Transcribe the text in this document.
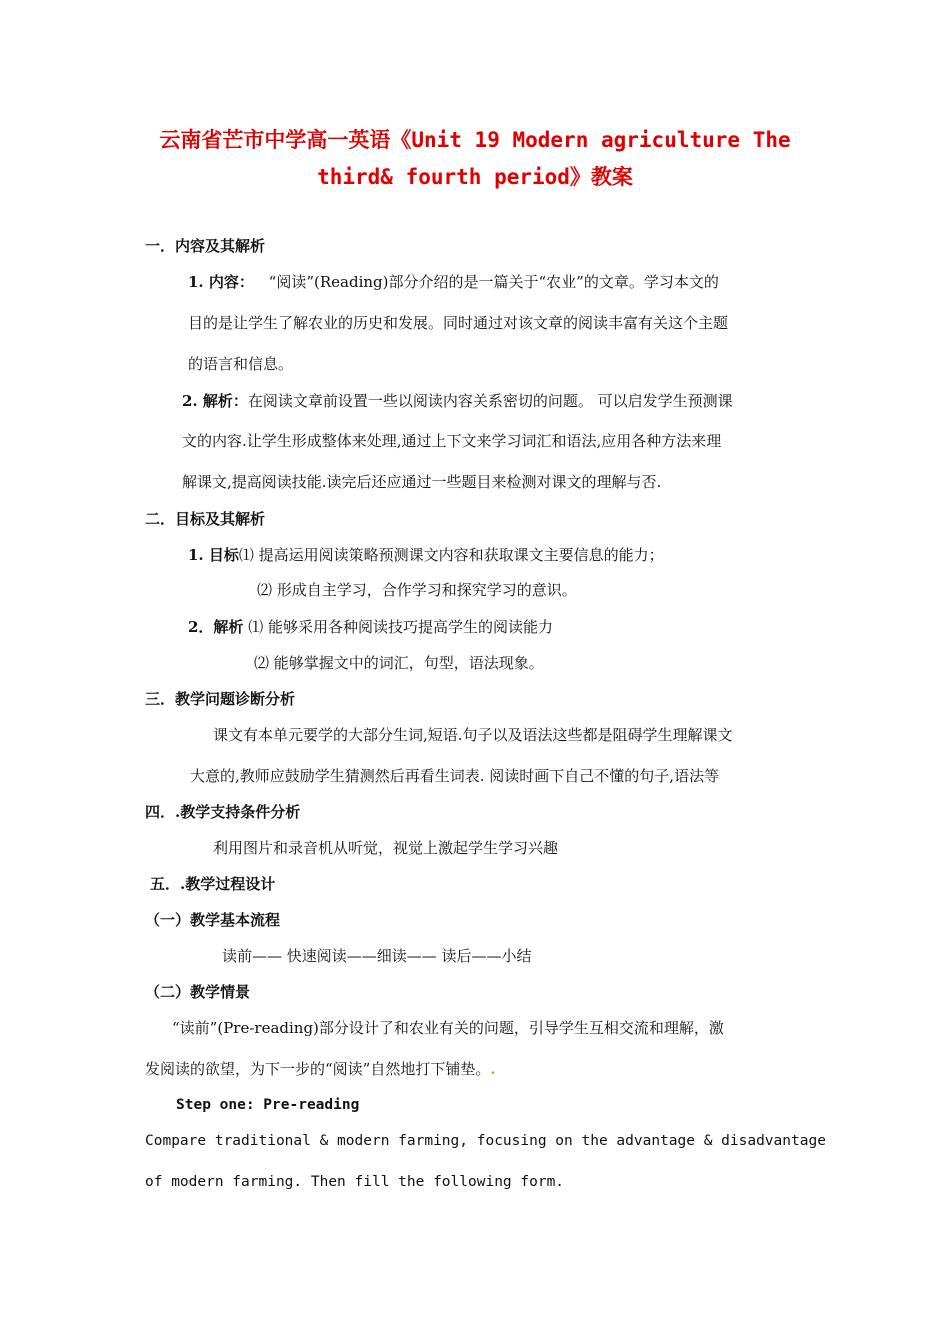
云南省芒市中学高一英语《Unit 19 Modern agriculture The
third& fourth period》教案
一．内容及其解析
1. 内容： “阅读”(Reading)部分介绍的是一篇关于“农业”的文章。学习本文的
目的是让学生了解农业的历史和发展。同时通过对该文章的阅读丰富有关这个主题
的语言和信息。
2. 解析：在阅读文章前设置一些以阅读内容关系密切的问题。 可以启发学生预测课
文的内容.让学生形成整体来处理,通过上下文来学习词汇和语法,应用各种方法来理
解课文,提高阅读技能.读完后还应通过一些题目来检测对课文的理解与否.
二．目标及其解析
1. 目标⑴ 提高运用阅读策略预测课文内容和获取课文主要信息的能力；
⑵ 形成自主学习，合作学习和探究学习的意识。
2．解析 ⑴ 能够采用各种阅读技巧提高学生的阅读能力
⑵ 能够掌握文中的词汇，句型，语法现象。
三．教学问题诊断分析
课文有本单元要学的大部分生词,短语.句子以及语法这些都是阻碍学生理解课文
大意的,教师应鼓励学生猜测然后再看生词表. 阅读时画下自己不懂的句子,语法等
四．.教学支持条件分析
利用图片和录音机从听觉，视觉上激起学生学习兴趣
五．.教学过程设计
（一）教学基本流程
读前—— 快速阅读——细读—— 读后——小结
（二）教学情景
“读前”(Pre-reading)部分设计了和农业有关的问题，引导学生互相交流和理解，激
发阅读的欲望，为下一步的“阅读”自然地打下铺垫。.
Step one: Pre-reading
Compare traditional & modern farming, focusing on the advantage & disadvantage
of modern farming. Then fill the following form.
